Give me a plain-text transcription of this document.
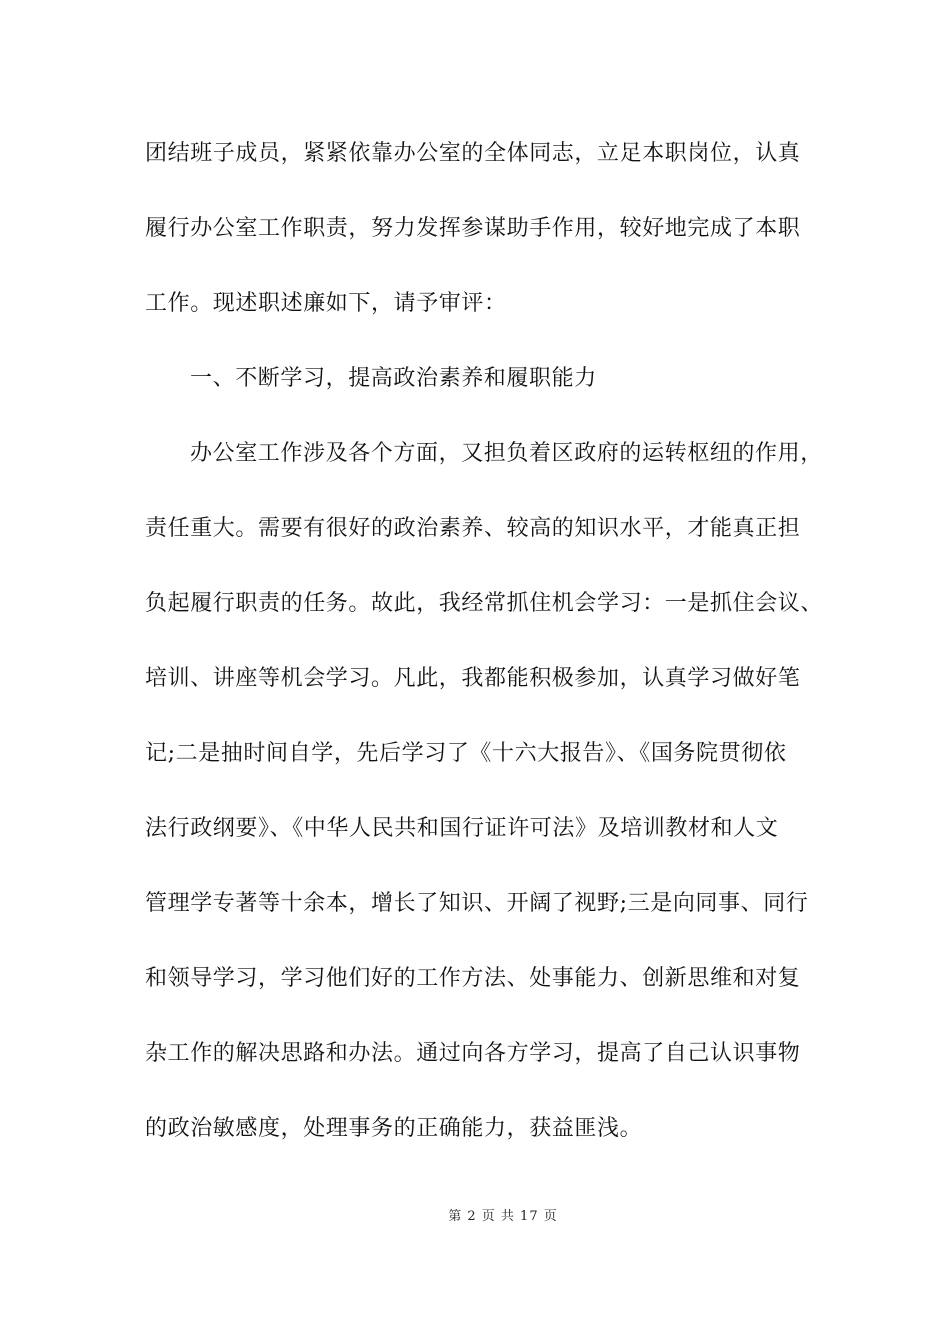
团结班子成员，紧紧依靠办公室的全体同志，立足本职岗位，认真
履行办公室工作职责，努力发挥参谋助手作用，较好地完成了本职
工作。现述职述廉如下，请予审评：
一、不断学习，提高政治素养和履职能力
办公室工作涉及各个方面，又担负着区政府的运转枢纽的作用，
责任重大。需要有很好的政治素养、较高的知识水平，才能真正担
负起履行职责的任务。故此，我经常抓住机会学习：一是抓住会议、
培训、讲座等机会学习。凡此，我都能积极参加，认真学习做好笔
记;二是抽时间自学，先后学习了《十六大报告》、《国务院贯彻依
法行政纲要》、《中华人民共和国行证许可法》及培训教材和人文
管理学专著等十余本，增长了知识、开阔了视野;三是向同事、同行
和领导学习，学习他们好的工作方法、处事能力、创新思维和对复
杂工作的解决思路和办法。通过向各方学习，提高了自己认识事物
的政治敏感度，处理事务的正确能力，获益匪浅。
第 2 页 共 17 页
